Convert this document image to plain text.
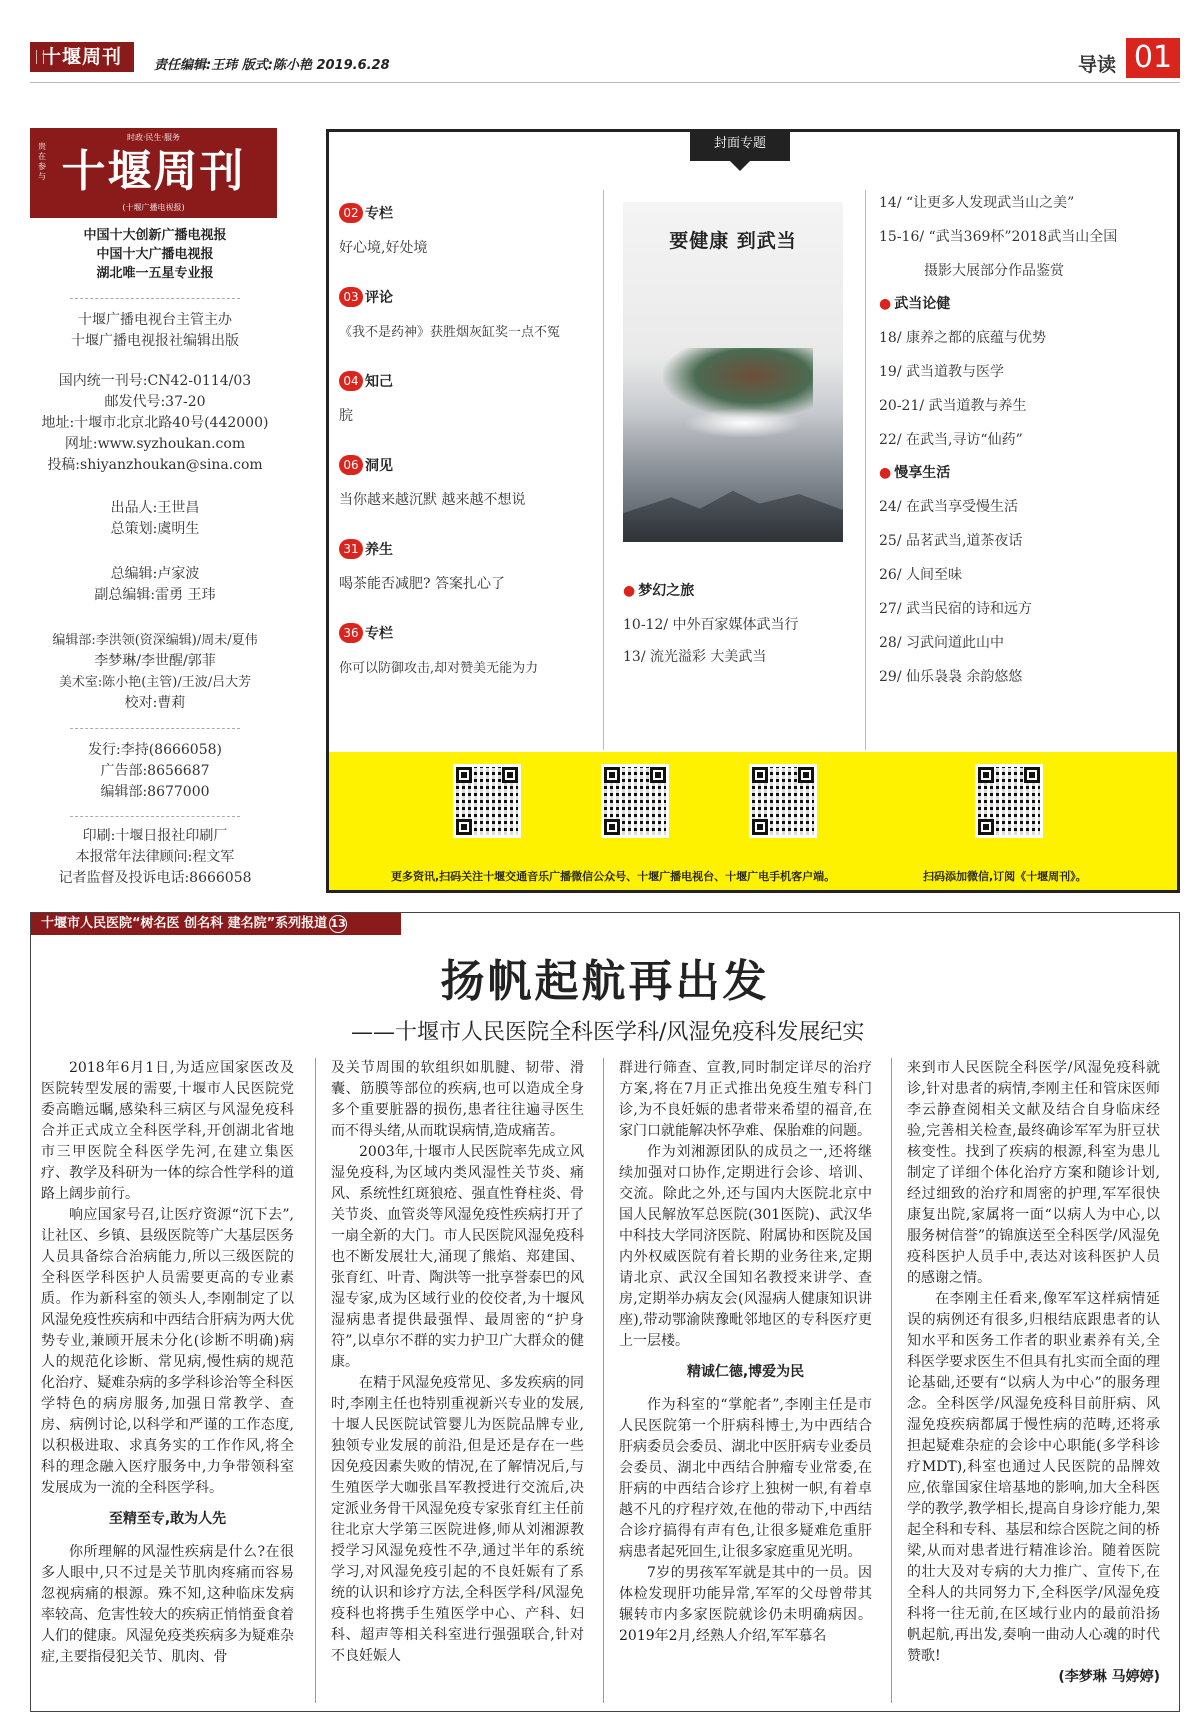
十堰周刊	责任编辑:王玮 版式:陈小艳 2019.6.28	导读 01
时政·民生·服务
贵在参与 十堰周刊
(十堰广播电视报)
中国十大创新广播电视报
中国十大广播电视报
湖北唯一五星专业报
十堰广播电视台主管主办
十堰广播电视报社编辑出版
国内统一刊号:CN42-0114/03
邮发代号:37-20
地址:十堰市北京北路40号(442000)
网址:www.syzhoukan.com
投稿:shiyanzhoukan@sina.com
出品人:王世昌
总策划:虞明生
总编辑:卢家波
副总编辑:雷勇 王玮
编辑部:李洪领(资深编辑)/周未/夏伟
李梦琳/李世醒/郭菲
美术室:陈小艳(主管)/王波/吕大芳
校对:曹莉
发行:李持(8666058)
广告部:8656687
编辑部:8677000
印刷:十堰日报社印刷厂
本报常年法律顾问:程文军
记者监督及投诉电话:8666058
封面专题
02 专栏
好心境,好处境
03 评论
《我不是药神》获胜烟灰缸奖一点不冤
04 知己
脘
06 洞见
当你越来越沉默 越来越不想说
31 养生
喝茶能否减肥? 答案扎心了
36 专栏
你可以防御攻击,却对赞美无能为力
要健康 到武当
● 梦幻之旅
10-12/ 中外百家媒体武当行
13/ 流光溢彩 大美武当
14/ “让更多人发现武当山之美”
15-16/ “武当369杯”2018武当山全国
摄影大展部分作品鉴赏
● 武当论健
18/ 康养之都的底蕴与优势
19/ 武当道教与医学
20-21/ 武当道教与养生
22/ 在武当,寻访“仙药”
● 慢享生活
24/ 在武当享受慢生活
25/ 品茗武当,道茶夜话
26/ 人间至味
27/ 武当民宿的诗和远方
28/ 习武问道此山中
29/ 仙乐袅袅 余韵悠悠
更多资讯,扫码关注十堰交通音乐广播微信公众号、十堰广播电视台、十堰广电手机客户端。	扫码添加微信,订阅《十堰周刊》。
十堰市人民医院“树名医 创名科 建名院”系列报道 13
扬帆起航再出发
——十堰市人民医院全科医学科/风湿免疫科发展纪实

2018年6月1日,为适应国家医改及医院转型发展的需要,十堰市人民医院党委高瞻远瞩,感染科三病区与风湿免疫科合并正式成立全科医学科,开创湖北省地市三甲医院全科医学先河,在建立集医疗、教学及科研为一体的综合性学科的道路上阔步前行。

响应国家号召,让医疗资源“沉下去”,让社区、乡镇、县级医院等广大基层医务人员具备综合治病能力,所以三级医院的全科医学科医护人员需要更高的专业素质。作为新科室的领头人,李刚制定了以风湿免疫性疾病和中西结合肝病为两大优势专业,兼顾开展未分化(诊断不明确)病人的规范化诊断、常见病,慢性病的规范化治疗、疑难杂病的多学科诊治等全科医学特色的病房服务,加强日常教学、查房、病例讨论,以科学和严谨的工作态度,以积极进取、求真务实的工作作风,将全科的理念融入医疗服务中,力争带领科室发展成为一流的全科医学科。

至精至专,敢为人先

你所理解的风湿性疾病是什么?在很多人眼中,只不过是关节肌肉疼痛而容易忽视病痛的根源。殊不知,这种临床发病率较高、危害性较大的疾病正悄悄蚕食着人们的健康。风湿免疫类疾病多为疑难杂症,主要指侵犯关节、肌肉、骨

及关节周围的软组织如肌腱、韧带、滑囊、筋膜等部位的疾病,也可以造成全身多个重要脏器的损伤,患者往往遍寻医生而不得头绪,从而耽误病情,造成痛苦。

2003年,十堰市人民医院率先成立风湿免疫科,为区域内类风湿性关节炎、痛风、系统性红斑狼疮、强直性脊柱炎、骨关节炎、血管炎等风湿免疫性疾病打开了一扇全新的大门。市人民医院风湿免疫科也不断发展壮大,涌现了熊焰、郑建国、张育红、叶青、陶洪等一批享誉泰巴的风湿专家,成为区域行业的佼佼者,为十堰风湿病患者提供最强悍、最周密的“护身符”,以卓尔不群的实力护卫广大群众的健康。

在精于风湿免疫常见、多发疾病的同时,李刚主任也特别重视新兴专业的发展,十堰人民医院试管婴儿为医院品牌专业,独领专业发展的前沿,但是还是存在一些因免疫因素失败的情况,在了解情况后,与生殖医学大咖张昌军教授进行交流后,决定派业务骨干风湿免疫专家张育红主任前往北京大学第三医院进修,师从刘湘源教授学习风湿免疫性不孕,通过半年的系统学习,对风湿免疫引起的不良妊娠有了系统的认识和诊疗方法,全科医学科/风湿免疫科也将携手生殖医学中心、产科、妇科、超声等相关科室进行强强联合,针对不良妊娠人

群进行筛查、宣教,同时制定详尽的治疗方案,将在7月正式推出免疫生殖专科门诊,为不良妊娠的患者带来希望的福音,在家门口就能解决怀孕难、保胎难的问题。

作为刘湘源团队的成员之一,还将继续加强对口协作,定期进行会诊、培训、交流。除此之外,还与国内大医院北京中国人民解放军总医院(301医院)、武汉华中科技大学同济医院、附属协和医院及国内外权威医院有着长期的业务往来,定期请北京、武汉全国知名教授来讲学、查房,定期举办病友会(风湿病人健康知识讲座),带动鄂渝陕豫毗邻地区的专科医疗更上一层楼。

精诚仁德,博爱为民

作为科室的“掌舵者”,李刚主任是市人民医院第一个肝病科博士,为中西结合肝病委员会委员、湖北中医肝病专业委员会委员、湖北中西结合肿瘤专业常委,在肝病的中西结合诊疗上独树一帜,有着卓越不凡的疗程疗效,在他的带动下,中西结合诊疗搞得有声有色,让很多疑难危重肝病患者起死回生,让很多家庭重见光明。

7岁的男孩军军就是其中的一员。因体检发现肝功能异常,军军的父母曾带其辗转市内多家医院就诊仍未明确病因。2019年2月,经熟人介绍,军军慕名

来到市人民医院全科医学/风湿免疫科就诊,针对患者的病情,李刚主任和管床医师李云静查阅相关文献及结合自身临床经验,完善相关检查,最终确诊军军为肝豆状核变性。找到了疾病的根源,科室为患儿制定了详细个体化治疗方案和随诊计划,经过细致的治疗和周密的护理,军军很快康复出院,家属将一面“以病人为中心,以服务树信誉”的锦旗送至全科医学/风湿免疫科医护人员手中,表达对该科医护人员的感谢之情。

在李刚主任看来,像军军这样病情延误的病例还有很多,归根结底跟患者的认知水平和医务工作者的职业素养有关,全科医学要求医生不但具有扎实而全面的理论基础,还要有“以病人为中心”的服务理念。全科医学/风湿免疫科目前肝病、风湿免疫疾病都属于慢性病的范畴,还将承担起疑难杂症的会诊中心职能(多学科诊疗MDT),科室也通过人民医院的品牌效应,依靠国家住培基地的影响,加大全科医学的教学,教学相长,提高自身诊疗能力,架起全科和专科、基层和综合医院之间的桥梁,从而对患者进行精准诊治。随着医院的壮大及对专病的大力推广、宣传下,在全科人的共同努力下,全科医学/风湿免疫科将一往无前,在区域行业内的最前沿扬帆起航,再出发,奏响一曲动人心魂的时代赞歌!

(李梦琳 马婷婷)
